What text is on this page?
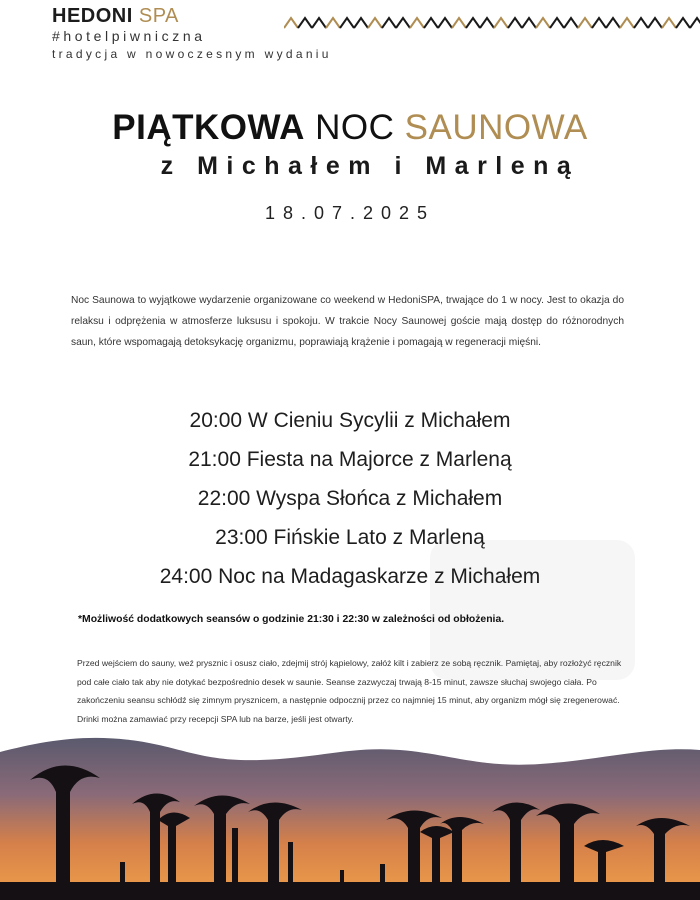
HEDONI SPA
#hotelpiwniczna
tradycja w nowoczesnym wydaniu
PIĄTKOWA NOC SAUNOWA
z Michałem i Marleną
18.07.2025

Noc Saunowa to wyjątkowe wydarzenie organizowane co weekend w HedoniSPA, trwające do 1 w nocy. Jest to okazja do relaksu i odprężenia w atmosferze luksusu i spokoju. W trakcie Nocy Saunowej goście mają dostęp do różnorodnych saun, które wspomagają detoksykację organizmu, poprawiają krążenie i pomagają w regeneracji mięśni.

20:00 W Cieniu Sycylii z Michałem
21:00 Fiesta na Majorce z Marleną
22:00 Wyspa Słońca z Michałem
23:00 Fińskie Lato z Marleną
24:00 Noc na Madagaskarze z Michałem
*Możliwość dodatkowych seansów o godzinie 21:30 i 22:30 w zależności od obłożenia.

Przed wejściem do sauny, weź prysznic i osusz ciało, zdejmij strój kąpielowy, załóż kilt i zabierz ze sobą ręcznik. Pamiętaj, aby rozłożyć ręcznik pod całe ciało tak aby nie dotykać bezpośrednio desek w saunie. Seanse zazwyczaj trwają 8-15 minut, zawsze słuchaj swojego ciała. Po zakończeniu seansu schłódź się zimnym prysznicem, a następnie odpocznij przez co najmniej 15 minut, aby organizm mógł się zregenerować.

Drinki można zamawiać przy recepcji SPA lub na barze, jeśli jest otwarty.
